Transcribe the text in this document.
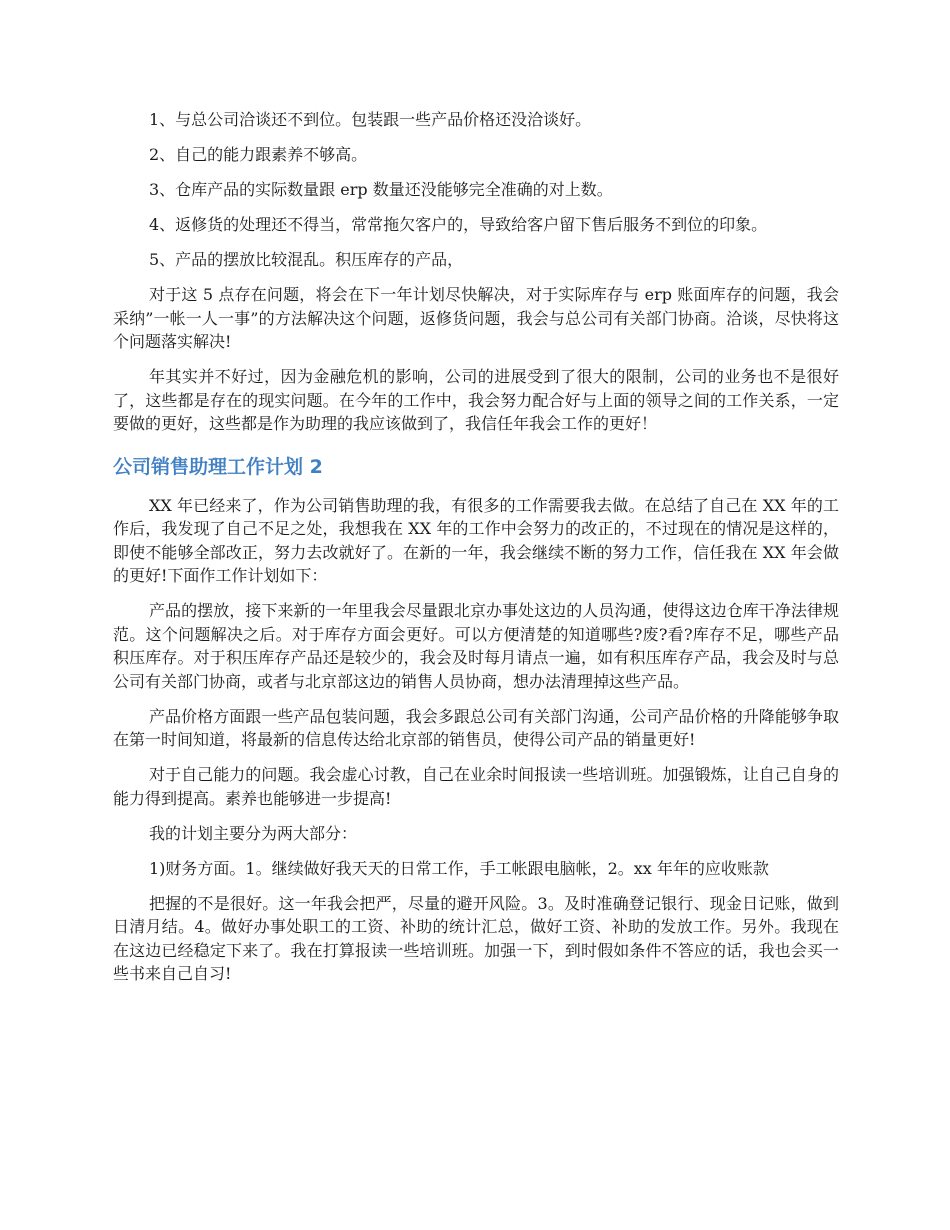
1、与总公司洽谈还不到位。包装跟一些产品价格还没洽谈好。

2、自己的能力跟素养不够高。

3、仓库产品的实际数量跟 erp 数量还没能够完全准确的对上数。

4、返修货的处理还不得当，常常拖欠客户的，导致给客户留下售后服务不到位的印象。

5、产品的摆放比较混乱。积压库存的产品，

对于这 5 点存在问题，将会在下一年计划尽快解决，对于实际库存与 erp 账面库存的问题，我会采纳”一帐一人一事”的方法解决这个问题，返修货问题，我会与总公司有关部门协商。洽谈，尽快将这个问题落实解决!

年其实并不好过，因为金融危机的影响，公司的进展受到了很大的限制，公司的业务也不是很好了，这些都是存在的现实问题。在今年的工作中，我会努力配合好与上面的领导之间的工作关系，一定要做的更好，这些都是作为助理的我应该做到了，我信任年我会工作的更好！

公司销售助理工作计划 2

XX 年已经来了，作为公司销售助理的我，有很多的工作需要我去做。在总结了自己在 XX 年的工作后，我发现了自己不足之处，我想我在 XX 年的工作中会努力的改正的，不过现在的情况是这样的，即使不能够全部改正，努力去改就好了。在新的一年，我会继续不断的努力工作，信任我在 XX 年会做的更好!下面作工作计划如下：

产品的摆放，接下来新的一年里我会尽量跟北京办事处这边的人员沟通，使得这边仓库干净法律规范。这个问题解决之后。对于库存方面会更好。可以方便清楚的知道哪些?废?看?库存不足，哪些产品积压库存。对于积压库存产品还是较少的，我会及时每月请点一遍，如有积压库存产品，我会及时与总公司有关部门协商，或者与北京部这边的销售人员协商，想办法清理掉这些产品。

产品价格方面跟一些产品包装问题，我会多跟总公司有关部门沟通，公司产品价格的升降能够争取在第一时间知道，将最新的信息传达给北京部的销售员，使得公司产品的销量更好!

对于自己能力的问题。我会虚心讨教，自己在业余时间报读一些培训班。加强锻炼，让自己自身的能力得到提高。素养也能够进一步提高!

我的计划主要分为两大部分：

1)财务方面。1。继续做好我天天的日常工作，手工帐跟电脑帐，2。xx 年年的应收账款

把握的不是很好。这一年我会把严，尽量的避开风险。3。及时准确登记银行、现金日记账，做到日清月结。4。做好办事处职工的工资、补助的统计汇总，做好工资、补助的发放工作。另外。我现在在这边已经稳定下来了。我在打算报读一些培训班。加强一下，到时假如条件不答应的话，我也会买一些书来自己自习!
